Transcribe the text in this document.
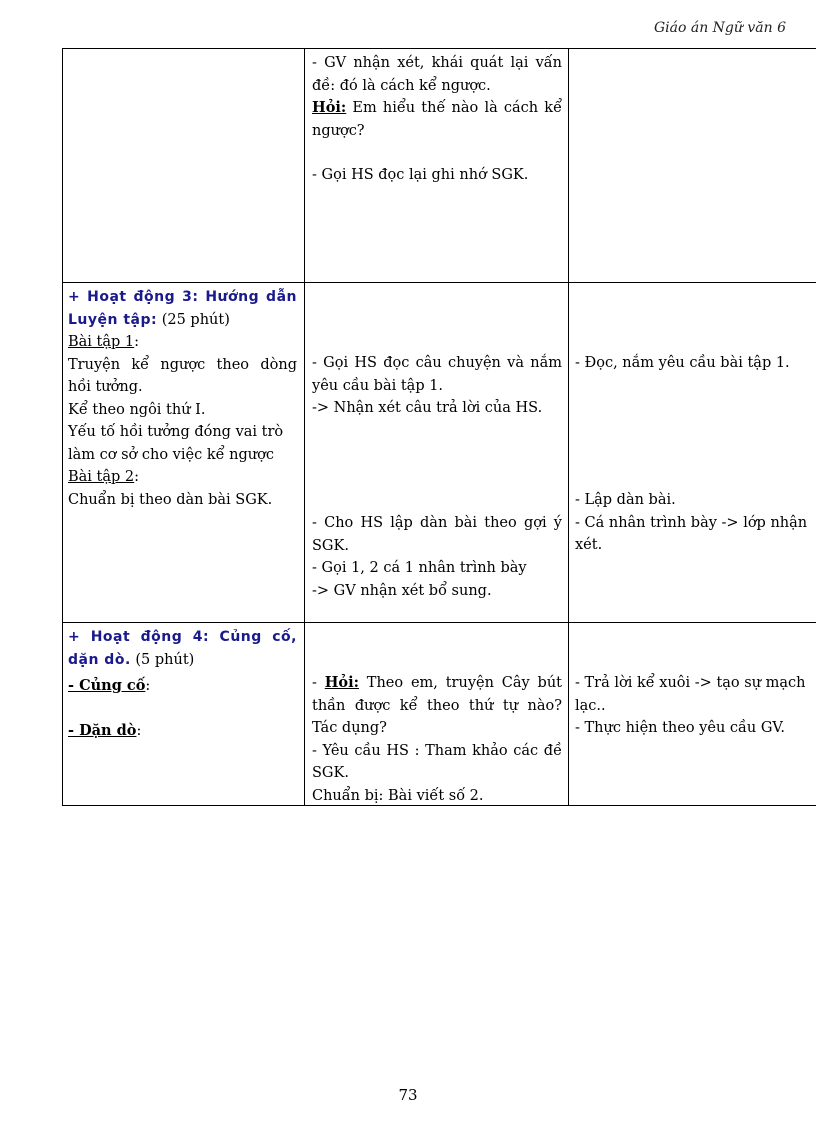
Giáo án Ngữ văn 6

- GV nhận xét, khái quát lại vấn đề: đó là cách kể ngược.

Hỏi: Em hiểu thế nào là cách kể ngược?

- Gọi HS đọc lại ghi nhớ SGK.

+ Hoạt động 3: Hướng dẫn Luyện tập: (25 phút)

Bài tập 1:

Truyện kể ngược theo dòng hồi tưởng.

Kể theo ngôi thứ I.

Yếu tố hồi tưởng đóng vai trò làm cơ sở cho việc kể ngược

Bài tập 2:

Chuẩn bị theo dàn bài SGK.

- Gọi HS đọc câu chuyện và nắm yêu cầu bài tập 1.

-> Nhận xét câu trả lời của HS.

- Cho HS lập dàn bài theo gợi ý SGK.

- Gọi 1, 2 cá 1 nhân trình bày

-> GV nhận xét bổ sung.

- Đọc, nắm yêu cầu bài tập 1.

- Lập dàn bài.

- Cá nhân trình bày -> lớp nhận xét.

+ Hoạt động 4: Củng cố, dặn dò. (5 phút)

- Củng cố:

- Dặn dò:

- Hỏi: Theo em, truyện Cây bút thần được kể theo thứ tự nào? Tác dụng?

- Yêu cầu HS : Tham khảo các đề SGK.

Chuẩn bị: Bài viết số 2.

- Trả lời kể xuôi -> tạo sự mạch lạc..

- Thực hiện theo yêu cầu GV.

73
